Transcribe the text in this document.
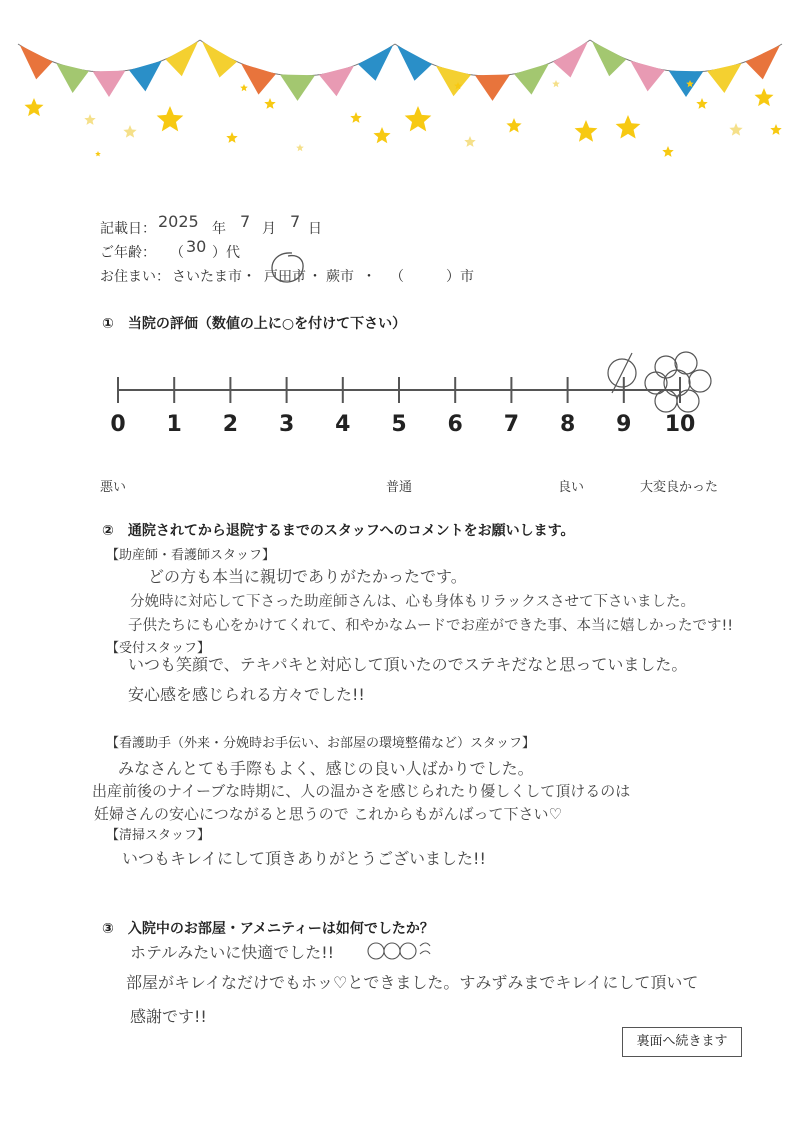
記載日： 2025 年 7 月 7 日
ご年齢： （ 30 ）代
お住まい： さいたま市・ 戸田市 ・ 蕨市 ・ （	）市
①　当院の評価（数値の上に○を付けて下さい）
0	1	2	3	4	5	6	7	8	9	10
悪い	普通	良い	大変良かった
②　通院されてから退院するまでのスタッフへのコメントをお願いします。
【助産師・看護師スタッフ】
どの方も本当に親切でありがたかったです。
分娩時に対応して下さった助産師さんは、心も身体もリラックスさせて下さいました。
子供たちにも心をかけてくれて、和やかなムードでお産ができた事、本当に嬉しかったです!!
【受付スタッフ】
いつも笑顔で、テキパキと対応して頂いたのでステキだなと思っていました。
安心感を感じられる方々でした!!
【看護助手（外来・分娩時お手伝い、お部屋の環境整備など）スタッフ】
みなさんとても手際もよく、感じの良い人ばかりでした。
出産前後のナイーブな時期に、人の温かさを感じられたり優しくして頂けるのは
妊婦さんの安心につながると思うので これからもがんばって下さい♡
【清掃スタッフ】
いつもキレイにして頂きありがとうございました!!
③　入院中のお部屋・アメニティーは如何でしたか？
ホテルみたいに快適でした!!
部屋がキレイなだけでもホッ♡とできました。すみずみまでキレイにして頂いて
感謝です!!
裏面へ続きます
